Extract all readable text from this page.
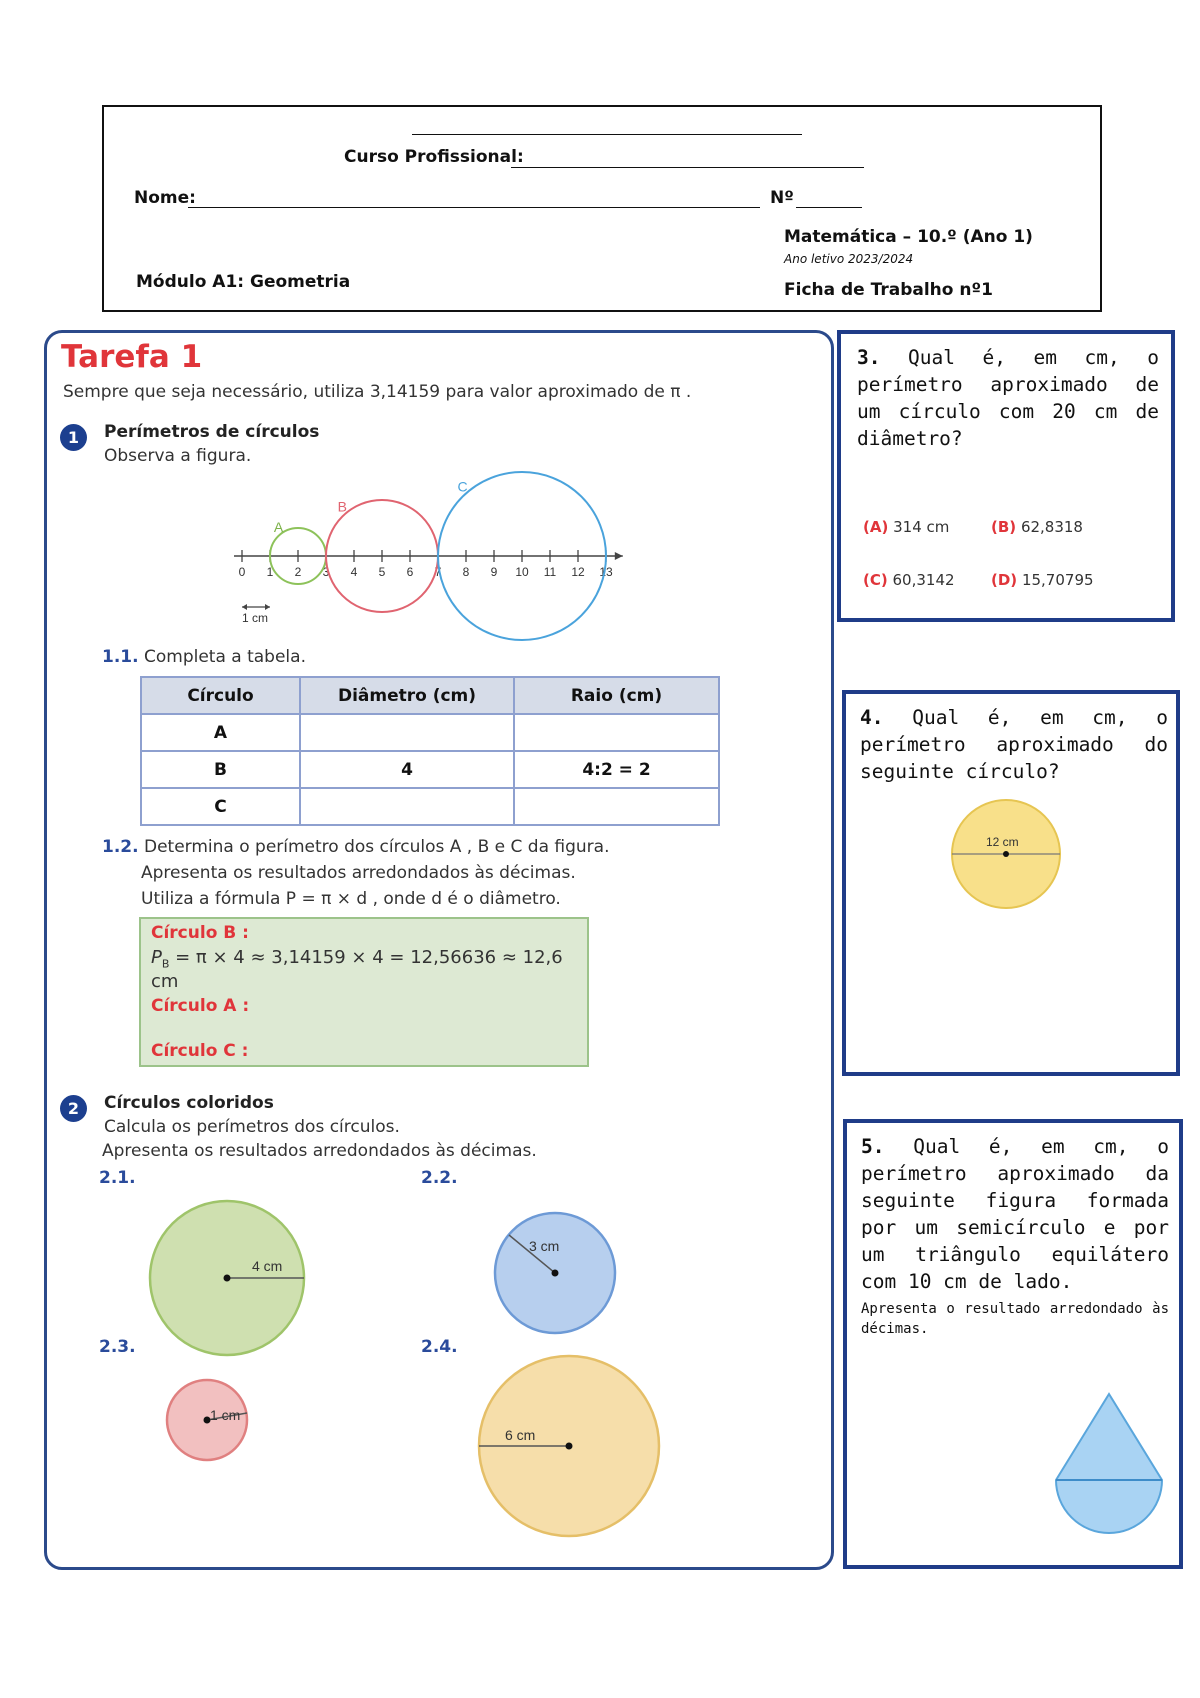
Curso Profissional:
Nome:	Nº
Matemática – 10.º (Ano 1)
Ano letivo 2023/2024
Módulo A1: Geometria	Ficha de Trabalho nº1
Tarefa 1
Sempre que seja necessário, utiliza 3,14159 para valor aproximado de π .
1	Perímetros de círculos
Observa a figura.
0 1 2 3 4 5 6 7 8 9 10 11 12 13
A
B
C
1 cm
1.1. Completa a tabela.
Círculo	Diâmetro (cm)	Raio (cm)
A		
B	4	4:2 = 2
C		
1.2. Determina o perímetro dos círculos A , B e C da figura.
Apresenta os resultados arredondados às décimas.
Utiliza a fórmula P = π × d , onde d é o diâmetro.
Círculo B :
$P_B = \pi \times 4 \approx 3,14159 \times 4 = 12,56636 \approx 12,6$ cm
Círculo A :
Círculo C :
2	Círculos coloridos
Calcula os perímetros dos círculos.
Apresenta os resultados arredondados às décimas.
2.1.	2.2.
2.3.	2.4.
4 cm
3 cm
1 cm
6 cm
3. Qual é, em cm, o perímetro aproximado de um círculo com 20 cm de diâmetro?
(A) 314 cm	(B) 62,8318
(C) 60,3142 (D) 15,70795
4. Qual é, em cm, o perímetro aproximado do seguinte círculo?
12 cm
5. Qual é, em cm, o perímetro aproximado da seguinte figura formada por um semicírculo e por um triângulo equilátero com 10 cm de lado.
Apresenta o resultado arredondado às décimas.
